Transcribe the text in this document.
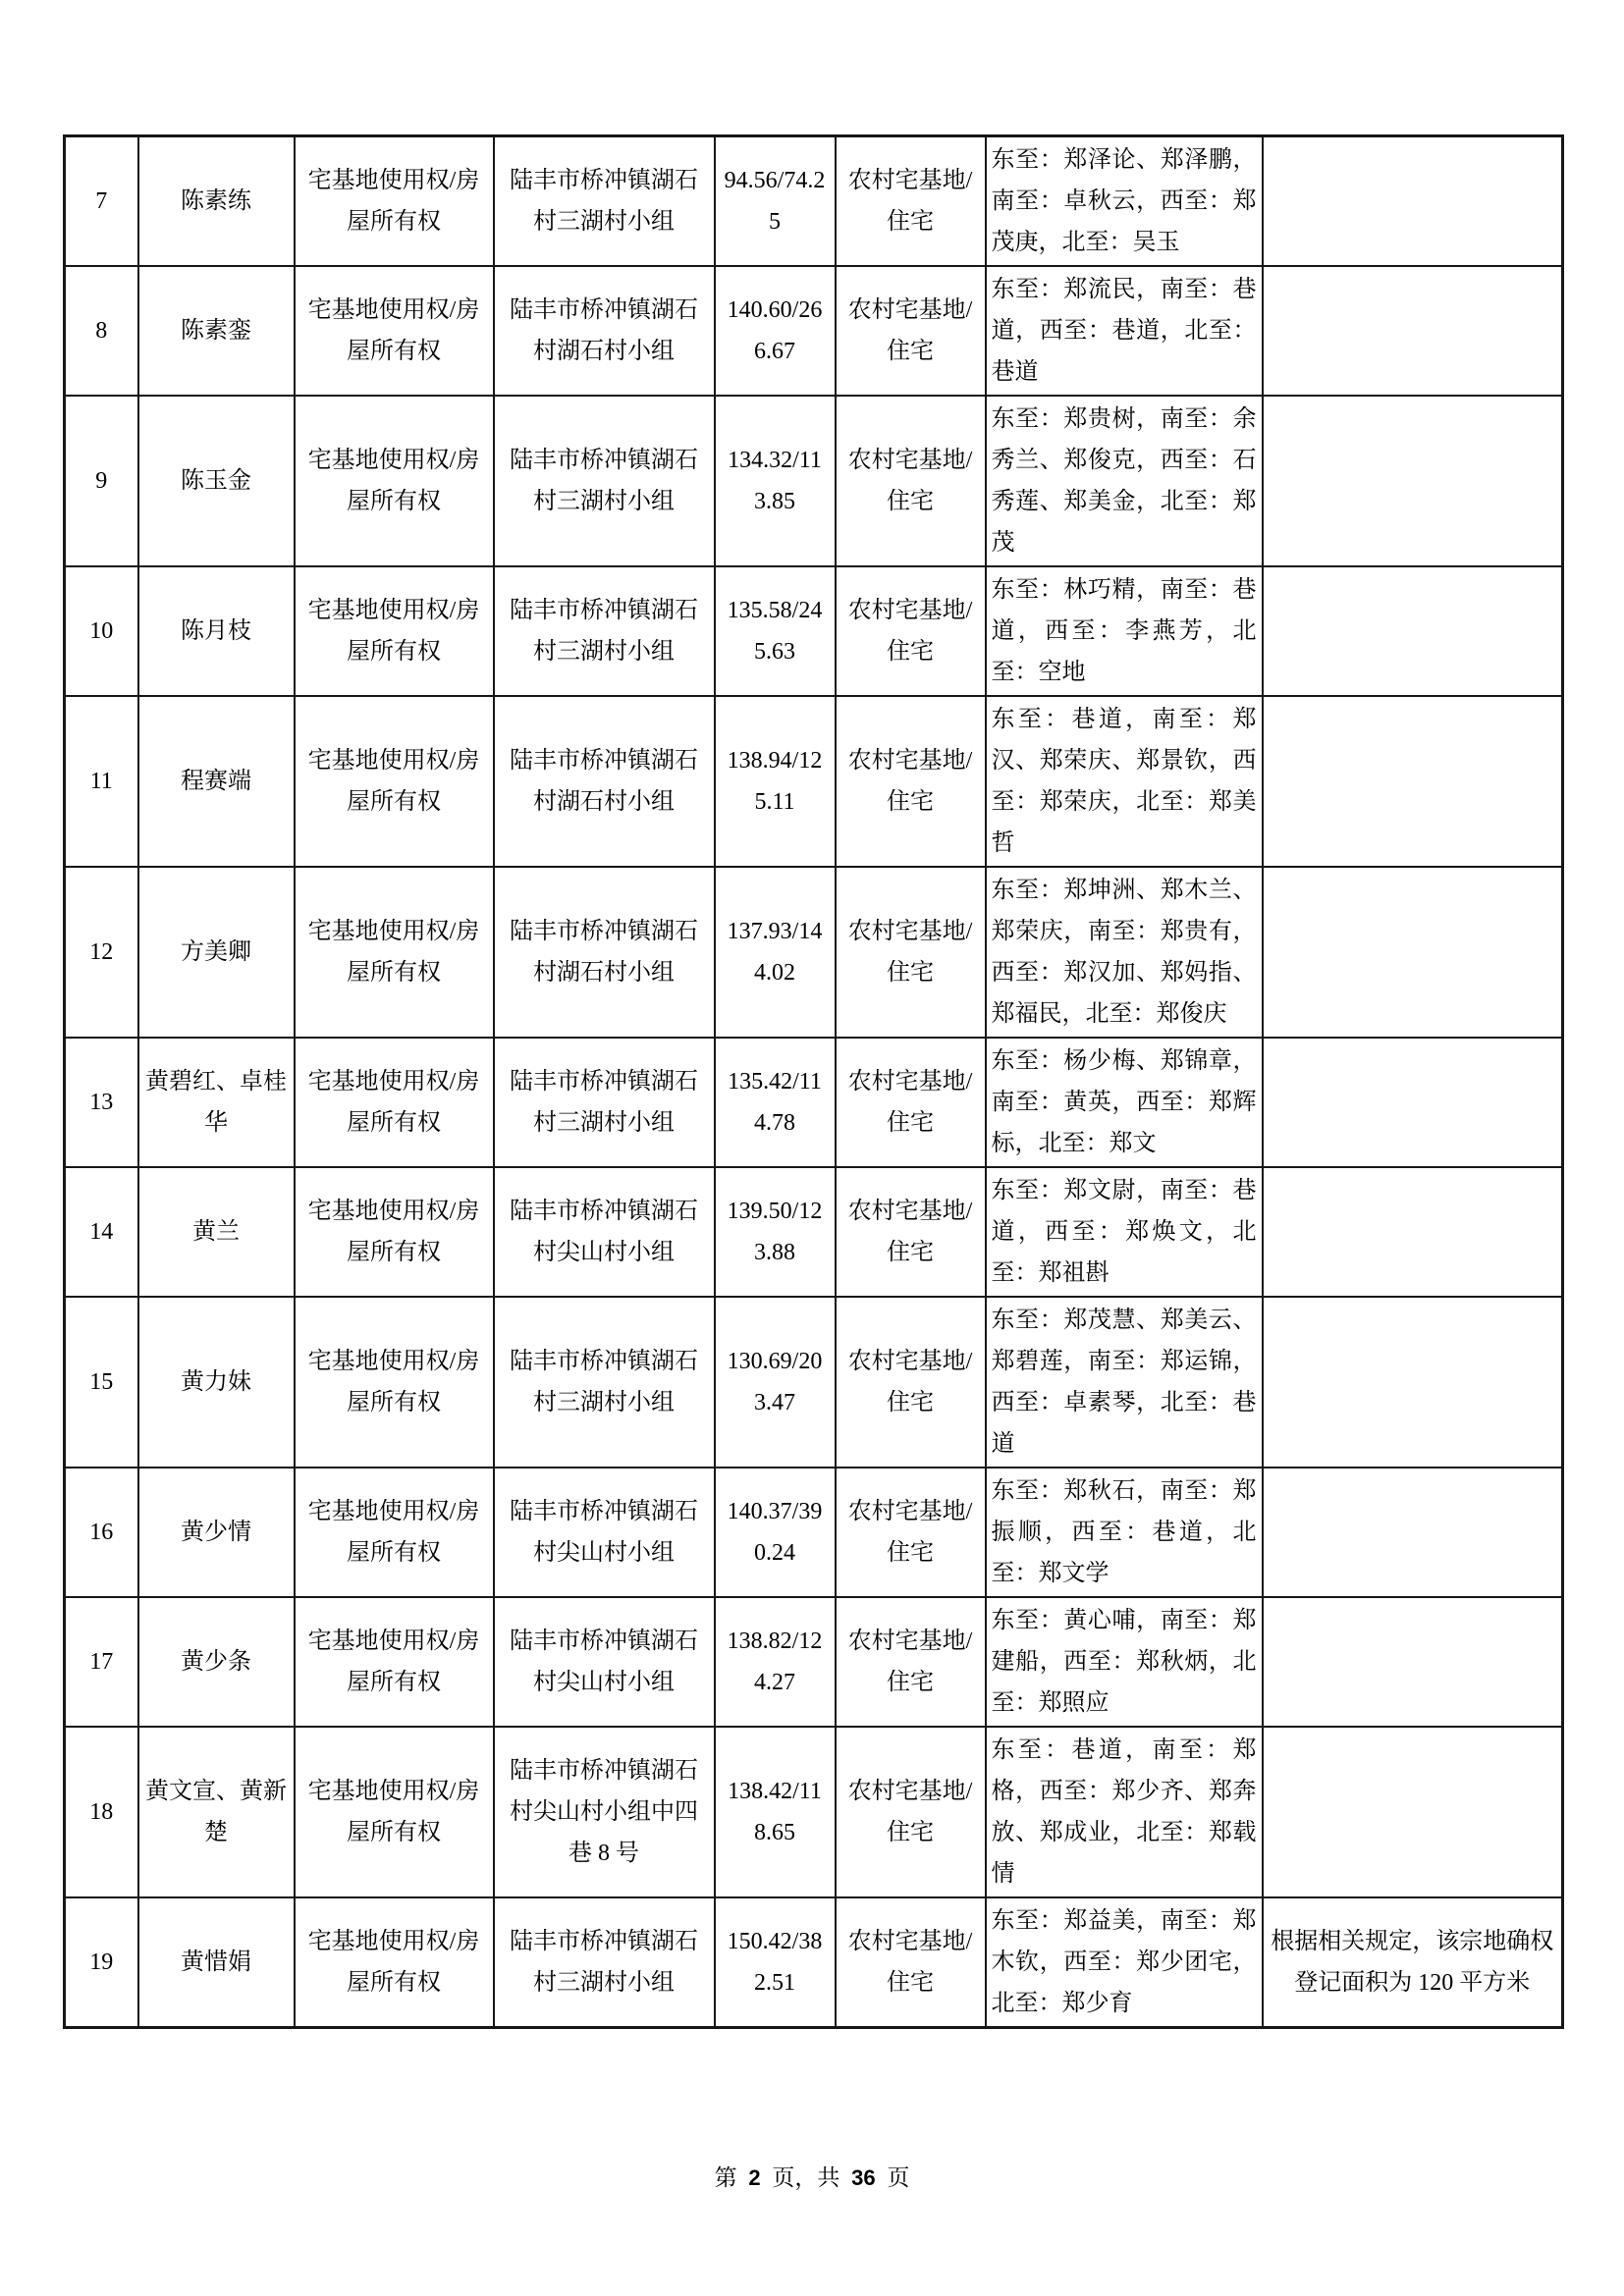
7	陈素练	宅基地使用权/房屋所有权	陆丰市桥冲镇湖石村三湖村小组	94.56/74.25	农村宅基地/住宅	东至：郑泽论、郑泽鹏，南至：卓秋云，西至：郑茂庚，北至：吴玉	
8	陈素銮	宅基地使用权/房屋所有权	陆丰市桥冲镇湖石村湖石村小组	140.60/266.67	农村宅基地/住宅	东至：郑流民，南至：巷道，西至：巷道，北至：巷道	
9	陈玉金	宅基地使用权/房屋所有权	陆丰市桥冲镇湖石村三湖村小组	134.32/113.85	农村宅基地/住宅	东至：郑贵树，南至：余秀兰、郑俊克，西至：石秀莲、郑美金，北至：郑茂	
10	陈月枝	宅基地使用权/房屋所有权	陆丰市桥冲镇湖石村三湖村小组	135.58/245.63	农村宅基地/住宅	东至：林巧精，南至：巷道，西至：李燕芳，北至：空地	
11	程赛端	宅基地使用权/房屋所有权	陆丰市桥冲镇湖石村湖石村小组	138.94/125.11	农村宅基地/住宅	东至：巷道，南至：郑汉、郑荣庆、郑景钦，西至：郑荣庆，北至：郑美哲	
12	方美卿	宅基地使用权/房屋所有权	陆丰市桥冲镇湖石村湖石村小组	137.93/144.02	农村宅基地/住宅	东至：郑坤洲、郑木兰、郑荣庆，南至：郑贵有，西至：郑汉加、郑妈指、郑福民，北至：郑俊庆	
13	黄碧红、卓桂华	宅基地使用权/房屋所有权	陆丰市桥冲镇湖石村三湖村小组	135.42/114.78	农村宅基地/住宅	东至：杨少梅、郑锦章，南至：黄英，西至：郑辉标，北至：郑文	
14	黄兰	宅基地使用权/房屋所有权	陆丰市桥冲镇湖石村尖山村小组	139.50/123.88	农村宅基地/住宅	东至：郑文尉，南至：巷道，西至：郑焕文，北至：郑祖斟	
15	黄力妹	宅基地使用权/房屋所有权	陆丰市桥冲镇湖石村三湖村小组	130.69/203.47	农村宅基地/住宅	东至：郑茂慧、郑美云、郑碧莲，南至：郑运锦，西至：卓素琴，北至：巷道	
16	黄少情	宅基地使用权/房屋所有权	陆丰市桥冲镇湖石村尖山村小组	140.37/390.24	农村宅基地/住宅	东至：郑秋石，南至：郑振顺，西至：巷道，北至：郑文学	
17	黄少条	宅基地使用权/房屋所有权	陆丰市桥冲镇湖石村尖山村小组	138.82/124.27	农村宅基地/住宅	东至：黄心哺，南至：郑建船，西至：郑秋炳，北至：郑照应	
18	黄文宣、黄新楚	宅基地使用权/房屋所有权	陆丰市桥冲镇湖石村尖山村小组中四巷 8 号	138.42/118.65	农村宅基地/住宅	东至：巷道，南至：郑格，西至：郑少齐、郑奔放、郑成业，北至：郑载情	
19	黄惜娟	宅基地使用权/房屋所有权	陆丰市桥冲镇湖石村三湖村小组	150.42/382.51	农村宅基地/住宅	东至：郑益美，南至：郑木钦，西至：郑少团宅，北至：郑少育	根据相关规定，该宗地确权登记面积为 120 平方米
第 2 页，共 36 页
